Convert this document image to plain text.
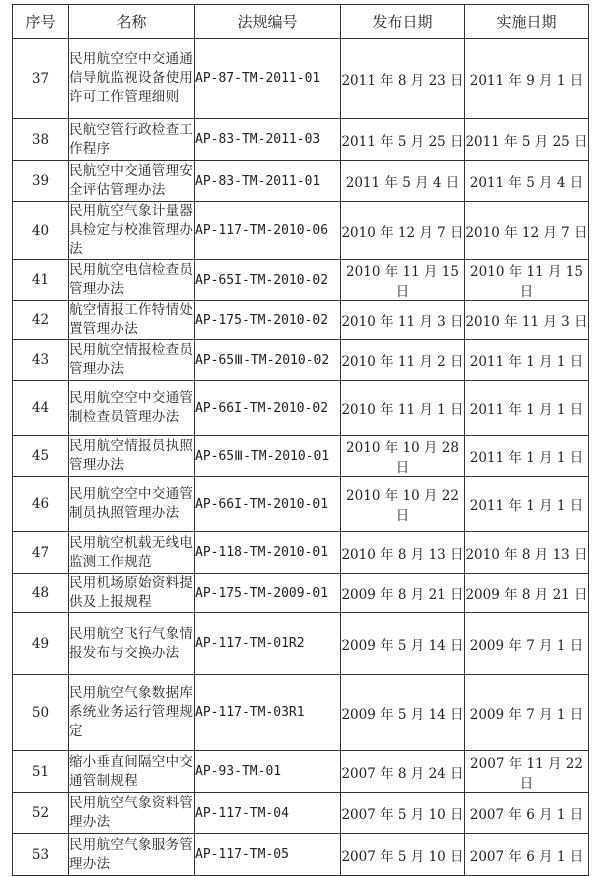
序号	名称	法规编号	发布日期	实施日期
37	民用航空空中交通通信导航监视设备使用许可工作管理细则	AP-87-TM-2011-01	2011 年 8 月 23 日	2011 年 9 月 1 日
38	民航空管行政检查工作程序	AP-83-TM-2011-03	2011 年 5 月 25 日	2011 年 5 月 25 日
39	民航空中交通管理安全评估管理办法	AP-83-TM-2011-01	2011 年 5 月 4 日	2011 年 5 月 4 日
40	民用航空气象计量器具检定与校准管理办法	AP-117-TM-2010-06	2010 年 12 月 7 日	2010 年 12 月 7 日
41	民用航空电信检查员管理办法	AP-65I-TM-2010-02	2010 年 11 月 15 日	2010 年 11 月 15 日
42	航空情报工作特情处置管理办法	AP-175-TM-2010-02	2010 年 11 月 3 日	2010 年 11 月 3 日
43	民用航空情报检查员管理办法	AP-65Ⅲ-TM-2010-02	2010 年 11 月 2 日	2011 年 1 月 1 日
44	民用航空空中交通管制检查员管理办法	AP-66I-TM-2010-02	2010 年 11 月 1 日	2011 年 1 月 1 日
45	民用航空情报员执照管理办法	AP-65Ⅲ-TM-2010-01	2010 年 10 月 28 日	2011 年 1 月 1 日
46	民用航空空中交通管制员执照管理办法	AP-66I-TM-2010-01	2010 年 10 月 22 日	2011 年 1 月 1 日
47	民用航空机载无线电监测工作规范	AP-118-TM-2010-01	2010 年 8 月 13 日	2010 年 8 月 13 日
48	民用机场原始资料提供及上报规程	AP-175-TM-2009-01	2009 年 8 月 21 日	2009 年 8 月 21 日
49	民用航空飞行气象情报发布与交换办法	AP-117-TM-01R2	2009 年 5 月 14 日	2009 年 7 月 1 日
50	民用航空气象数据库系统业务运行管理规定	AP-117-TM-03R1	2009 年 5 月 14 日	2009 年 7 月 1 日
51	缩小垂直间隔空中交通管制规程	AP-93-TM-01	2007 年 8 月 24 日	2007 年 11 月 22 日
52	民用航空气象资料管理办法	AP-117-TM-04	2007 年 5 月 10 日	2007 年 6 月 1 日
53	民用航空气象服务管理办法	AP-117-TM-05	2007 年 5 月 10 日	2007 年 6 月 1 日
